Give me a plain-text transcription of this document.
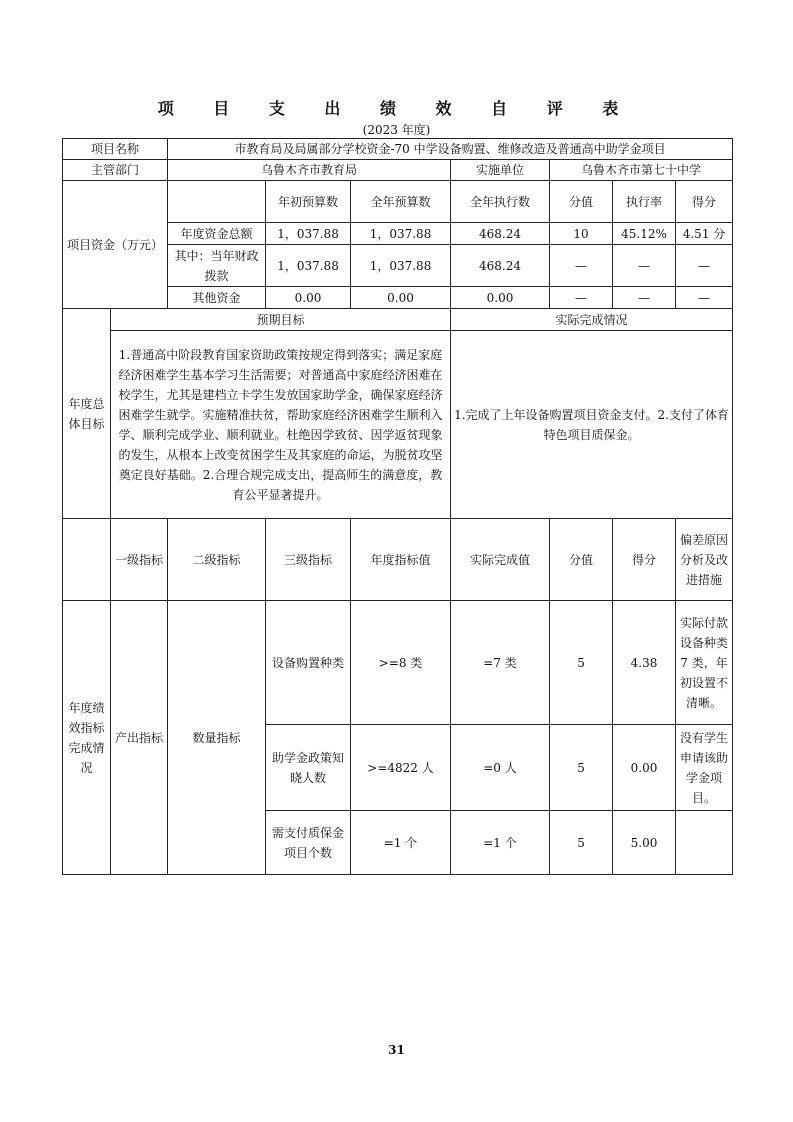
项 目 支 出 绩 效 自 评 表
(2023 年度)
项目名称		市教育局及局属部分学校资金-70 中学设备购置、维修改造及普通高中助学金项目						
主管部门		乌鲁木齐市教育局			实施单位	乌鲁木齐市第七十中学		
项目资金（万元）			年初预算数	全年预算数	全年执行数	分值	执行率	得分
		年度资金总额	1，037.88	1，037.88	468.24	10	45.12%	4.51 分
		其中：当年财政拨款	1，037.88	1，037.88	468.24	—	—	—
		其他资金	0.00	0.00	0.00	—	—	—
年度总体目标	预期目标				实际完成情况			
	1.普通高中阶段教育国家资助政策按规定得到落实；满足家庭经济困难学生基本学习生活需要；对普通高中家庭经济困难在校学生，尤其是建档立卡学生发放国家助学金，确保家庭经济困难学生就学。实施精准扶贫，帮助家庭经济困难学生顺利入学、顺利完成学业、顺利就业。杜绝因学致贫、因学返贫现象的发生，从根本上改变贫困学生及其家庭的命运，为脱贫攻坚奠定良好基础。2.合理合规完成支出，提高师生的满意度，教育公平显著提升。				1.完成了上年设备购置项目资金支付。2.支付了体育特色项目质保金。			
	一级指标	二级指标	三级指标	年度指标值	实际完成值	分值	得分	偏差原因分析及改进措施
年度绩效指标完成情况	产出指标	数量指标	设备购置种类	>=8 类	=7 类	5	4.38	实际付款设备种类 7 类，年初设置不清晰。
			助学金政策知晓人数	>=4822 人	=0 人	5	0.00	没有学生申请该助学金项目。
			需支付质保金项目个数	=1 个	=1 个	5	5.00	
31
